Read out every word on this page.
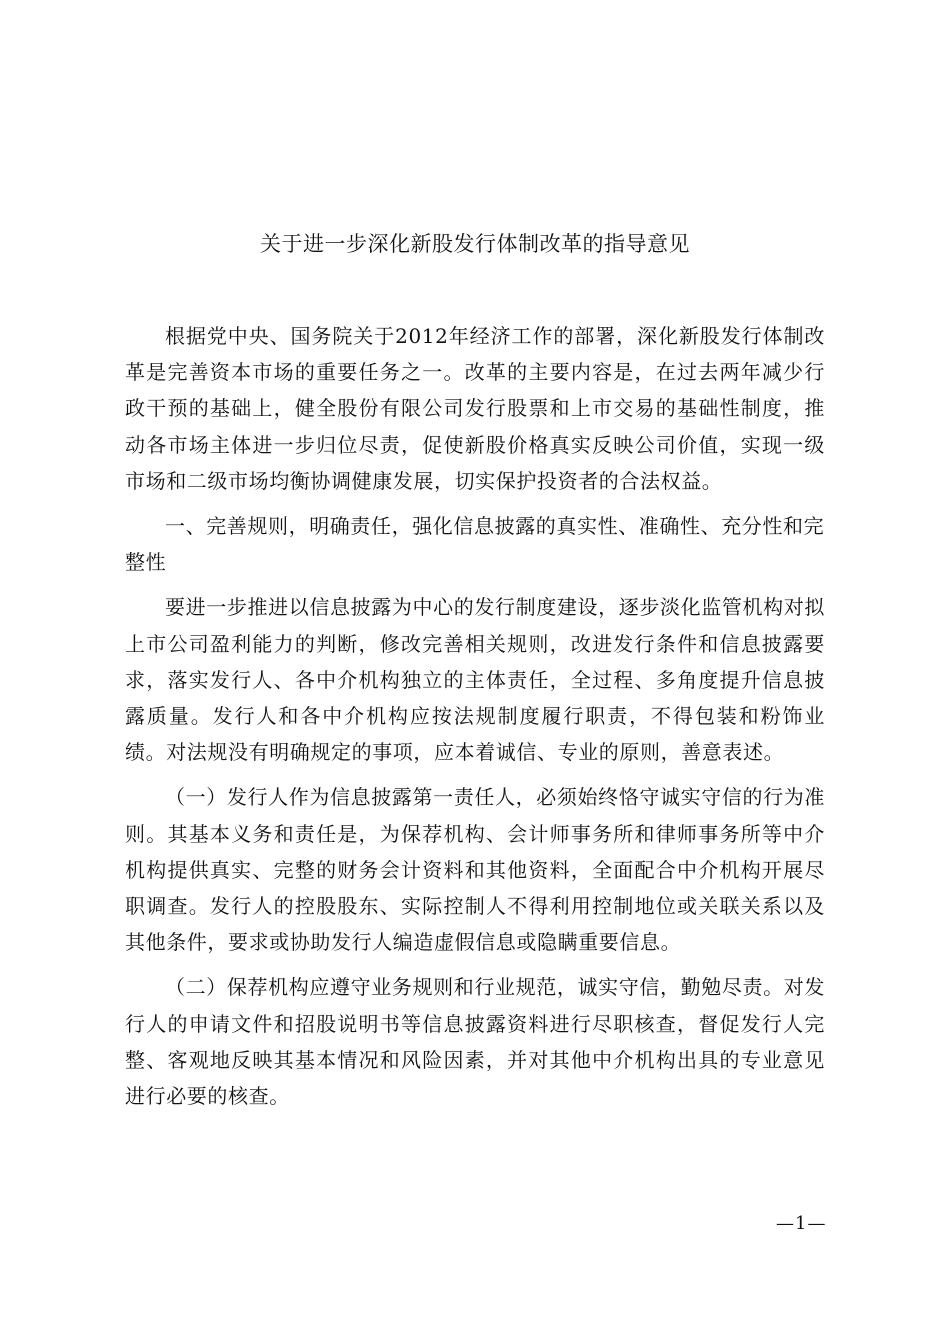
关于进一步深化新股发行体制改革的指导意见

根据党中央、国务院关于2012年经济工作的部署，深化新股发行体制改革是完善资本市场的重要任务之一。改革的主要内容是，在过去两年减少行政干预的基础上，健全股份有限公司发行股票和上市交易的基础性制度，推动各市场主体进一步归位尽责，促使新股价格真实反映公司价值，实现一级市场和二级市场均衡协调健康发展，切实保护投资者的合法权益。

一、完善规则，明确责任，强化信息披露的真实性、准确性、充分性和完整性

要进一步推进以信息披露为中心的发行制度建设，逐步淡化监管机构对拟上市公司盈利能力的判断，修改完善相关规则，改进发行条件和信息披露要求，落实发行人、各中介机构独立的主体责任，全过程、多角度提升信息披露质量。发行人和各中介机构应按法规制度履行职责，不得包装和粉饰业绩。对法规没有明确规定的事项，应本着诚信、专业的原则，善意表述。

（一）发行人作为信息披露第一责任人，必须始终恪守诚实守信的行为准则。其基本义务和责任是，为保荐机构、会计师事务所和律师事务所等中介机构提供真实、完整的财务会计资料和其他资料，全面配合中介机构开展尽职调查。发行人的控股股东、实际控制人不得利用控制地位或关联关系以及其他条件，要求或协助发行人编造虚假信息或隐瞒重要信息。

（二）保荐机构应遵守业务规则和行业规范，诚实守信，勤勉尽责。对发行人的申请文件和招股说明书等信息披露资料进行尽职核查，督促发行人完整、客观地反映其基本情况和风险因素，并对其他中介机构出具的专业意见进行必要的核查。

—1—
